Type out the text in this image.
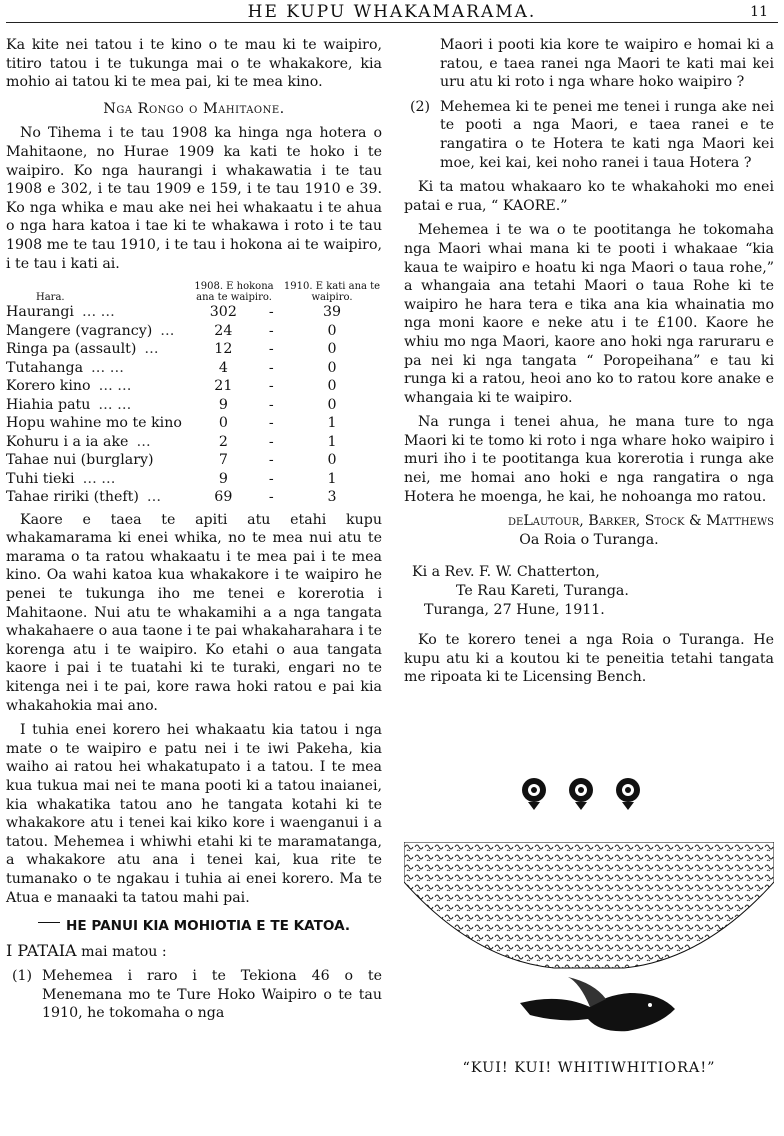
HE KUPU WHAKAMARAMA.	11

Ka kite nei tatou i te kino o te mau ki te waipiro, titiro tatou i te tukunga mai o te whakakore, kia mohio ai tatou ki te mea pai, ki te mea kino.

Nga Rongo o Mahitaone.

No Tihema i te tau 1908 ka hinga nga hotera o Mahitaone, no Hurae 1909 ka kati te hoko i te waipiro. Ko nga haurangi i whakawatia i te tau 1908 e 302, i te tau 1909 e 159, i te tau 1910 e 39. Ko nga whika e mau ake nei hei whakaatu i te ahua o nga hara katoa i tae ki te whakawa i roto i te tau 1908 me te tau 1910, i te tau i hokona ai te waipiro, i te tau i kati ai.

Hara.	1908. E hokona ana te waipiro.		1910. E kati ana te waipiro.
Haurangi … …	302	-	39
Mangere (vagrancy) …	24	-	0
Ringa pa (assault) …	12	-	0
Tutahanga … …	4	-	0
Korero kino … …	21	-	0
Hiahia patu … …	9	-	0
Hopu wahine mo te kino	0	-	1
Kohuru i a ia ake …	2	-	1
Tahae nui (burglary)	7	-	0
Tuhi tieki … …	9	-	1
Tahae ririki (theft) …	69	-	3

Kaore e taea te apiti atu etahi kupu whakamarama ki enei whika, no te mea nui atu te marama o ta ratou whakaatu i te mea pai i te mea kino. Oa wahi katoa kua whakakore i te waipiro he penei te tukunga iho me tenei e korerotia i Mahitaone. Nui atu te whakamihi a a nga tangata whakahaere o aua taone i te pai whakaharahara i te korenga atu i te waipiro. Ko etahi o aua tangata kaore i pai i te tuatahi ki te turaki, engari no te kitenga nei i te pai, kore rawa hoki ratou e pai kia whakahokia mai ano.

I tuhia enei korero hei whakaatu kia tatou i nga mate o te waipiro e patu nei i te iwi Pakeha, kia waiho ai ratou hei whakatupato i a tatou. I te mea kua tukua mai nei te mana pooti ki a tatou inaianei, kia whakatika tatou ano he tangata kotahi ki te whakakore atu i tenei kai kiko kore i waenganui i a tatou. Mehemea i whiwhi etahi ki te maramatanga, a whakakore atu ana i tenei kai, kua rite te tumanako o te ngakau i tuhia ai enei korero. Ma te Atua e manaaki ta tatou mahi pai.

HE PANUI KIA MOHIOTIA E TE KATOA.

I PATAIA mai matou :

(1) Mehemea i raro i te Tekiona 46 o te Menemana mo te Ture Hoko Waipiro o te tau 1910, he tokomaha o nga
Maori i pooti kia kore te waipiro e homai ki a ratou, e taea ranei nga Maori te kati mai kei uru atu ki roto i nga whare hoko waipiro ?
(2) Mehemea ki te penei me tenei i runga ake nei te pooti a nga Maori, e taea ranei e te rangatira o te Hotera te kati nga Maori kei moe, kei kai, kei noho ranei i taua Hotera ?

Ki ta matou whakaaro ko te whakahoki mo enei patai e rua, “ KAORE.”

Mehemea i te wa o te pootitanga he tokomaha nga Maori whai mana ki te pooti i whakaae “kia kaua te waipiro e hoatu ki nga Maori o taua rohe,” a whangaia ana tetahi Maori o taua Rohe ki te waipiro he hara tera e tika ana kia whainatia mo nga moni kaore e neke atu i te £100. Kaore he whiu mo nga Maori, kaore ano hoki nga raruraru e pa nei ki nga tangata “ Poropeihana” e tau ki runga ki a ratou, heoi ano ko to ratou kore anake e whangaia ki te waipiro.

Na runga i tenei ahua, he mana ture to nga Maori ki te tomo ki roto i nga whare hoko waipiro i muri iho i te pootitanga kua korerotia i runga ake nei, me homai ano hoki e nga rangatira o nga Hotera he moenga, he kai, he nohoanga mo ratou.

deLautour, Barker, Stock & Matthews
Oa Roia o Turanga.
Ki a Rev. F. W. Chatterton,
Te Rau Kareti, Turanga.
Turanga, 27 Hune, 1911.

Ko te korero tenei a nga Roia o Turanga. He kupu atu ki a koutou ki te peneitia tetahi tangata me ripoata ki te Licensing Bench.

“KUI! KUI! WHITIWHITIORA!”
